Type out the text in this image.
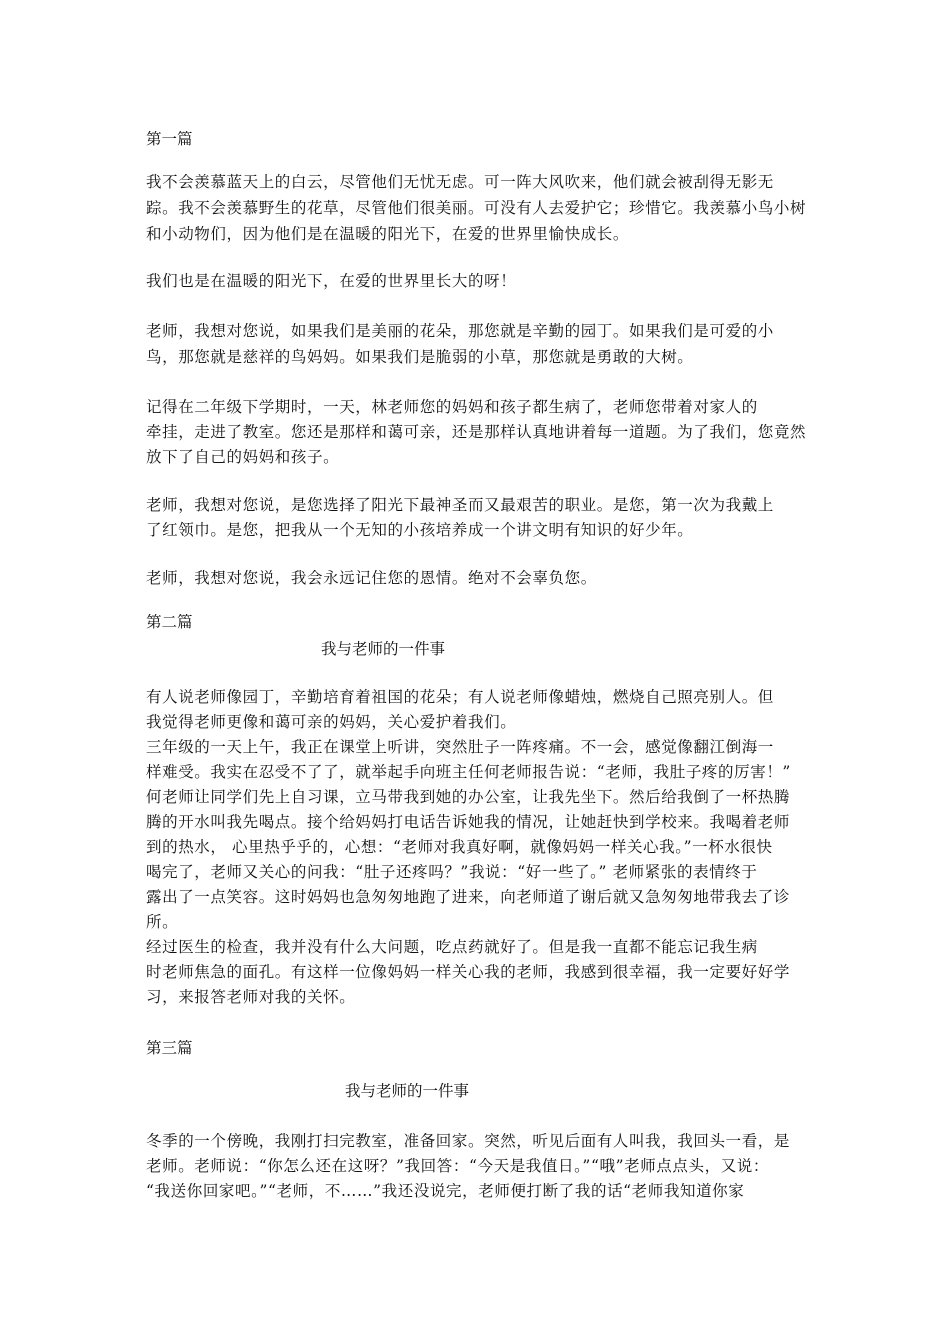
第一篇
我不会羡慕蓝天上的白云，尽管他们无忧无虑。可一阵大风吹来，他们就会被刮得无影无
踪。我不会羡慕野生的花草，尽管他们很美丽。可没有人去爱护它；珍惜它。我羡慕小鸟小树
和小动物们，因为他们是在温暖的阳光下，在爱的世界里愉快成长。
我们也是在温暖的阳光下，在爱的世界里长大的呀！
老师，我想对您说，如果我们是美丽的花朵，那您就是辛勤的园丁。如果我们是可爱的小
鸟，那您就是慈祥的鸟妈妈。如果我们是脆弱的小草，那您就是勇敢的大树。
记得在二年级下学期时，一天，林老师您的妈妈和孩子都生病了，老师您带着对家人的
牵挂，走进了教室。您还是那样和蔼可亲，还是那样认真地讲着每一道题。为了我们，您竟然
放下了自己的妈妈和孩子。
老师，我想对您说，是您选择了阳光下最神圣而又最艰苦的职业。是您，第一次为我戴上
了红领巾。是您，把我从一个无知的小孩培养成一个讲文明有知识的好少年。
老师，我想对您说，我会永远记住您的恩情。绝对不会辜负您。
第二篇
我与老师的一件事
有人说老师像园丁，辛勤培育着祖国的花朵；有人说老师像蜡烛，燃烧自己照亮别人。但
我觉得老师更像和蔼可亲的妈妈，关心爱护着我们。
三年级的一天上午，我正在课堂上听讲，突然肚子一阵疼痛。不一会，感觉像翻江倒海一
样难受。我实在忍受不了了，就举起手向班主任何老师报告说：“老师，我肚子疼的厉害！”
何老师让同学们先上自习课，立马带我到她的办公室，让我先坐下。然后给我倒了一杯热腾
腾的开水叫我先喝点。接个给妈妈打电话告诉她我的情况，让她赶快到学校来。我喝着老师
到的热水， 心里热乎乎的，心想：“老师对我真好啊，就像妈妈一样关心我。”一杯水很快
喝完了，老师又关心的问我：“肚子还疼吗？”我说：“好一些了。” 老师紧张的表情终于
露出了一点笑容。这时妈妈也急匆匆地跑了进来，向老师道了谢后就又急匆匆地带我去了诊
所。
经过医生的检查，我并没有什么大问题，吃点药就好了。但是我一直都不能忘记我生病
时老师焦急的面孔。有这样一位像妈妈一样关心我的老师，我感到很幸福，我一定要好好学
习，来报答老师对我的关怀。
第三篇
我与老师的一件事
冬季的一个傍晚，我刚打扫完教室，准备回家。突然，听见后面有人叫我，我回头一看，是
老师。老师说：“你怎么还在这呀？”我回答：“今天是我值日。”“哦”老师点点头，又说：
“我送你回家吧。”“老师，不……”我还没说完，老师便打断了我的话“老师我知道你家
